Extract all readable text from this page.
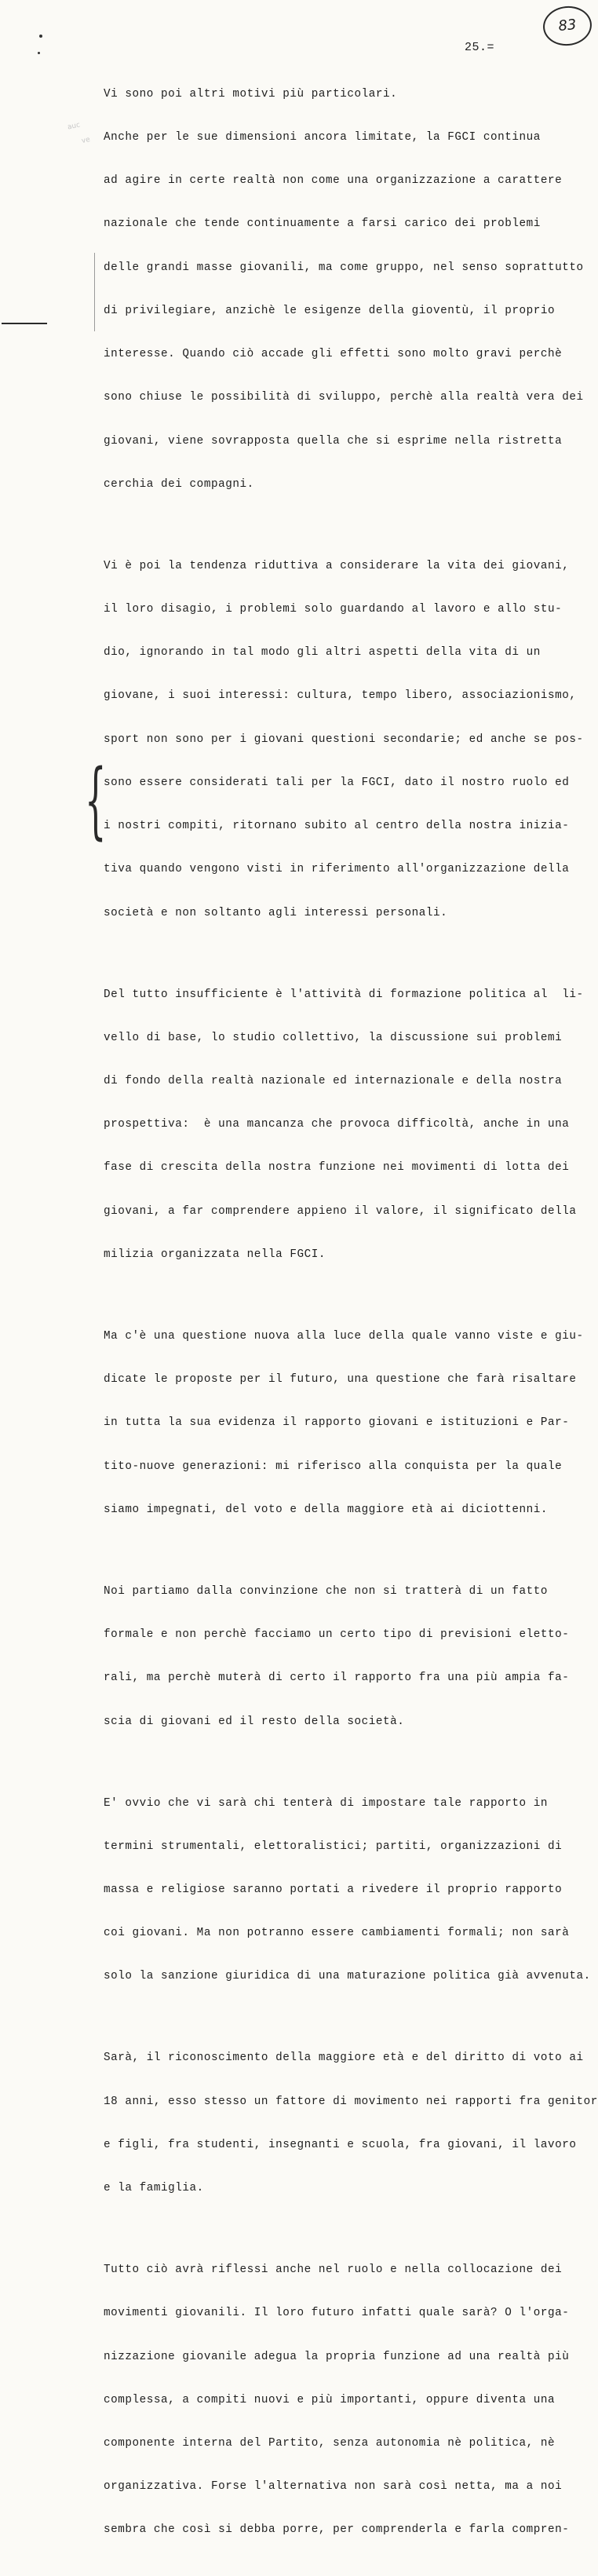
83
25.=
auc
ve
{

Vi sono poi altri motivi più particolari.

Anche per le sue dimensioni ancora limitate, la FGCI continua

ad agire in certe realtà non come una organizzazione a carattere

nazionale che tende continuamente a farsi carico dei problemi

delle grandi masse giovanili, ma come gruppo, nel senso soprattutto

di privilegiare, anzichè le esigenze della gioventù, il proprio

interesse. Quando ciò accade gli effetti sono molto gravi perchè

sono chiuse le possibilità di sviluppo, perchè alla realtà vera dei

giovani, viene sovrapposta quella che si esprime nella ristretta

cerchia dei compagni.

Vi è poi la tendenza riduttiva a considerare la vita dei giovani,

il loro disagio, i problemi solo guardando al lavoro e allo stu-

dio, ignorando in tal modo gli altri aspetti della vita di un

giovane, i suoi interessi: cultura, tempo libero, associazionismo,

sport non sono per i giovani questioni secondarie; ed anche se pos-

sono essere considerati tali per la FGCI, dato il nostro ruolo ed

i nostri compiti, ritornano subito al centro della nostra inizia-

tiva quando vengono visti in riferimento all'organizzazione della

società e non soltanto agli interessi personali.

Del tutto insufficiente è l'attività di formazione politica al  li-

vello di base, lo studio collettivo, la discussione sui problemi

di fondo della realtà nazionale ed internazionale e della nostra

prospettiva:  è una mancanza che provoca difficoltà, anche in una

fase di crescita della nostra funzione nei movimenti di lotta dei

giovani, a far comprendere appieno il valore, il significato della

milizia organizzata nella FGCI.

Ma c'è una questione nuova alla luce della quale vanno viste e giu-

dicate le proposte per il futuro, una questione che farà risaltare

in tutta la sua evidenza il rapporto giovani e istituzioni e Par-

tito-nuove generazioni: mi riferisco alla conquista per la quale

siamo impegnati, del voto e della maggiore età ai diciottenni.

Noi partiamo dalla convinzione che non si tratterà di un fatto

formale e non perchè facciamo un certo tipo di previsioni eletto-

rali, ma perchè muterà di certo il rapporto fra una più ampia fa-

scia di giovani ed il resto della società.

E' ovvio che vi sarà chi tenterà di impostare tale rapporto in

termini strumentali, elettoralistici; partiti, organizzazioni di

massa e religiose saranno portati a rivedere il proprio rapporto

coi giovani. Ma non potranno essere cambiamenti formali; non sarà

solo la sanzione giuridica di una maturazione politica già avvenuta.

Sarà, il riconoscimento della maggiore età e del diritto di voto ai

18 anni, esso stesso un fattore di movimento nei rapporti fra genitor

e figli, fra studenti, insegnanti e scuola, fra giovani, il lavoro

e la famiglia.

Tutto ciò avrà riflessi anche nel ruolo e nella collocazione dei

movimenti giovanili. Il loro futuro infatti quale sarà? O l'orga-

nizzazione giovanile adegua la propria funzione ad una realtà più

complessa, a compiti nuovi e più importanti, oppure diventa una

componente interna del Partito, senza autonomia nè politica, nè

organizzativa. Forse l'alternativa non sarà così netta, ma a noi

sembra che così si debba porre, per comprenderla e farla compren-
